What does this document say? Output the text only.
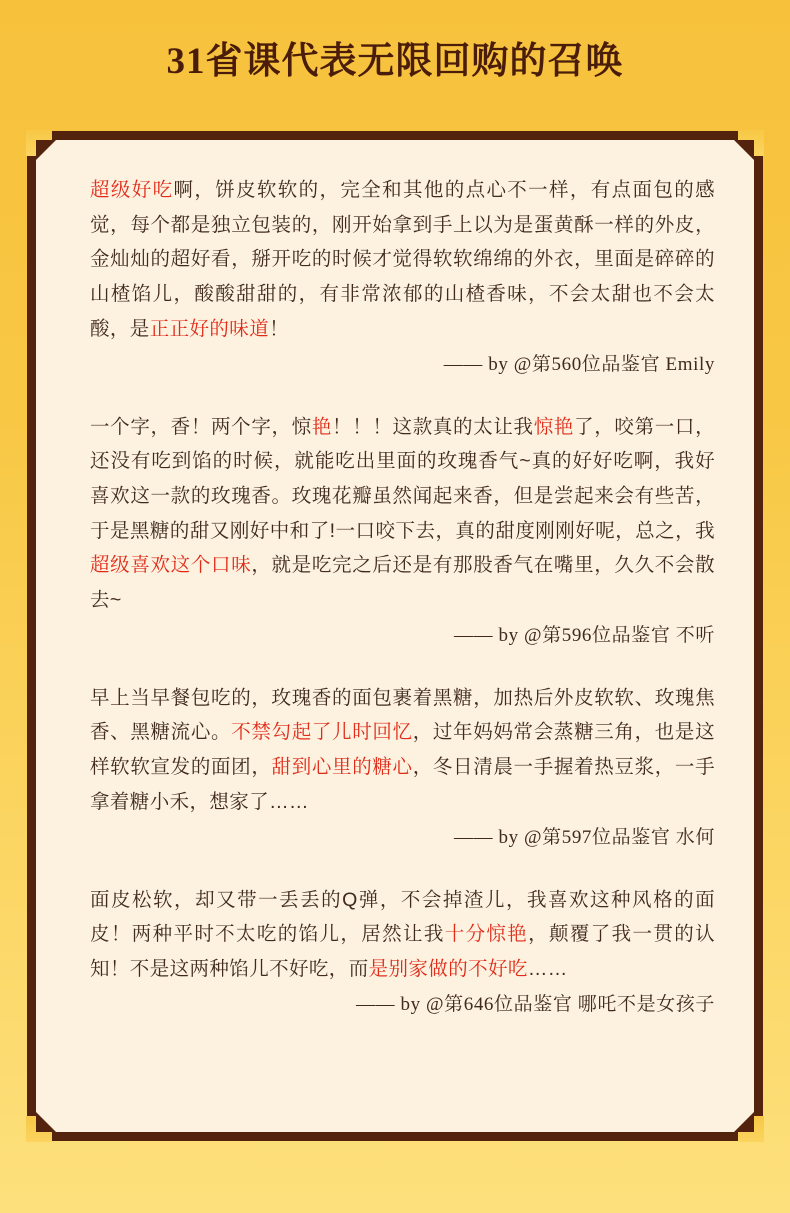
31省课代表无限回购的召唤

超级好吃啊，饼皮软软的，完全和其他的点心不一样，有点面包的感觉，每个都是独立包装的，刚开始拿到手上以为是蛋黄酥一样的外皮，金灿灿的超好看，掰开吃的时候才觉得软软绵绵的外衣，里面是碎碎的山楂馅儿，酸酸甜甜的，有非常浓郁的山楂香味，不会太甜也不会太酸，是正正好的味道！

—— by @第560位品鉴官 Emily

一个字，香！两个字，惊艳！！！这款真的太让我惊艳了，咬第一口，还没有吃到馅的时候，就能吃出里面的玫瑰香气~真的好好吃啊，我好喜欢这一款的玫瑰香。玫瑰花瓣虽然闻起来香，但是尝起来会有些苦，于是黑糖的甜又刚好中和了!一口咬下去，真的甜度刚刚好呢，总之，我超级喜欢这个口味，就是吃完之后还是有那股香气在嘴里，久久不会散去~

—— by @第596位品鉴官 不听

早上当早餐包吃的，玫瑰香的面包裹着黑糖，加热后外皮软软、玫瑰焦香、黑糖流心。不禁勾起了儿时回忆，过年妈妈常会蒸糖三角，也是这样软软宣发的面团，甜到心里的糖心，冬日清晨一手握着热豆浆，一手拿着糖小禾，想家了……

—— by @第597位品鉴官 水何

面皮松软，却又带一丢丢的Q弹，不会掉渣儿，我喜欢这种风格的面皮！两种平时不太吃的馅儿，居然让我十分惊艳，颠覆了我一贯的认知！不是这两种馅儿不好吃，而是别家做的不好吃……

—— by @第646位品鉴官 哪吒不是女孩子
